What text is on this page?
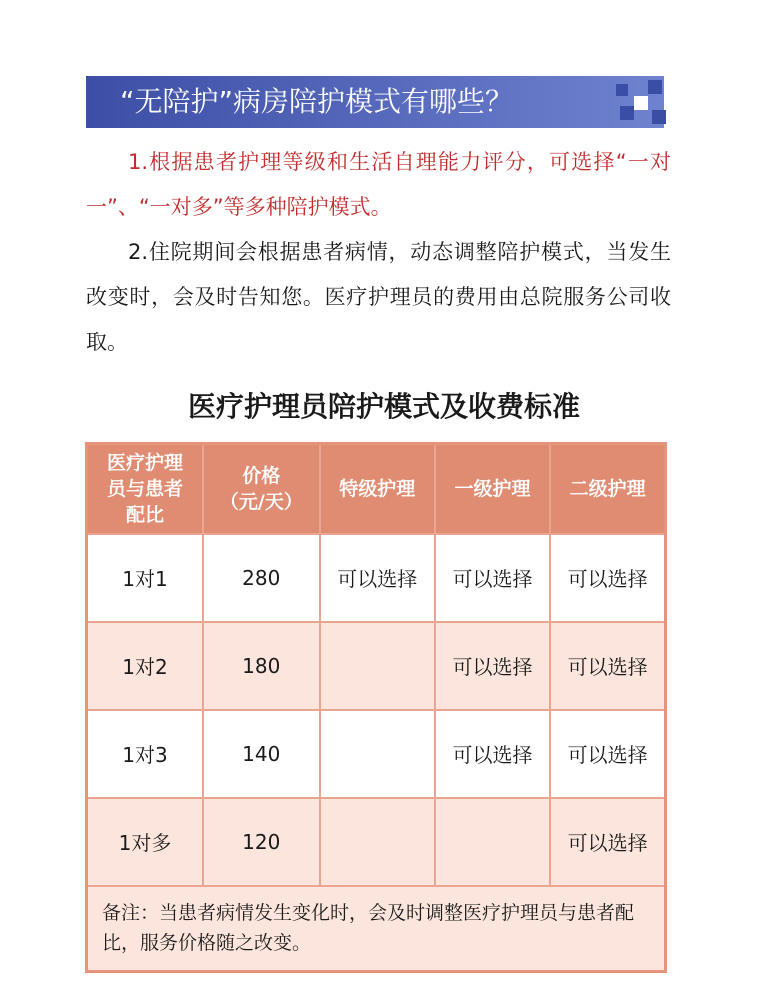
“无陪护”病房陪护模式有哪些？
1.根据患者护理等级和生活自理能力评分，可选择“一对一”、“一对多”等多种陪护模式。
2.住院期间会根据患者病情，动态调整陪护模式，当发生改变时，会及时告知您。医疗护理员的费用由总院服务公司收取。
医疗护理员陪护模式及收费标准
医疗护理员与患者配比	价格（元/天）	特级护理	一级护理	二级护理
1对1	280	可以选择	可以选择	可以选择
1对2	180		可以选择	可以选择
1对3	140		可以选择	可以选择
1对多	120			可以选择
备注：当患者病情发生变化时，会及时调整医疗护理员与患者配比，服务价格随之改变。				
